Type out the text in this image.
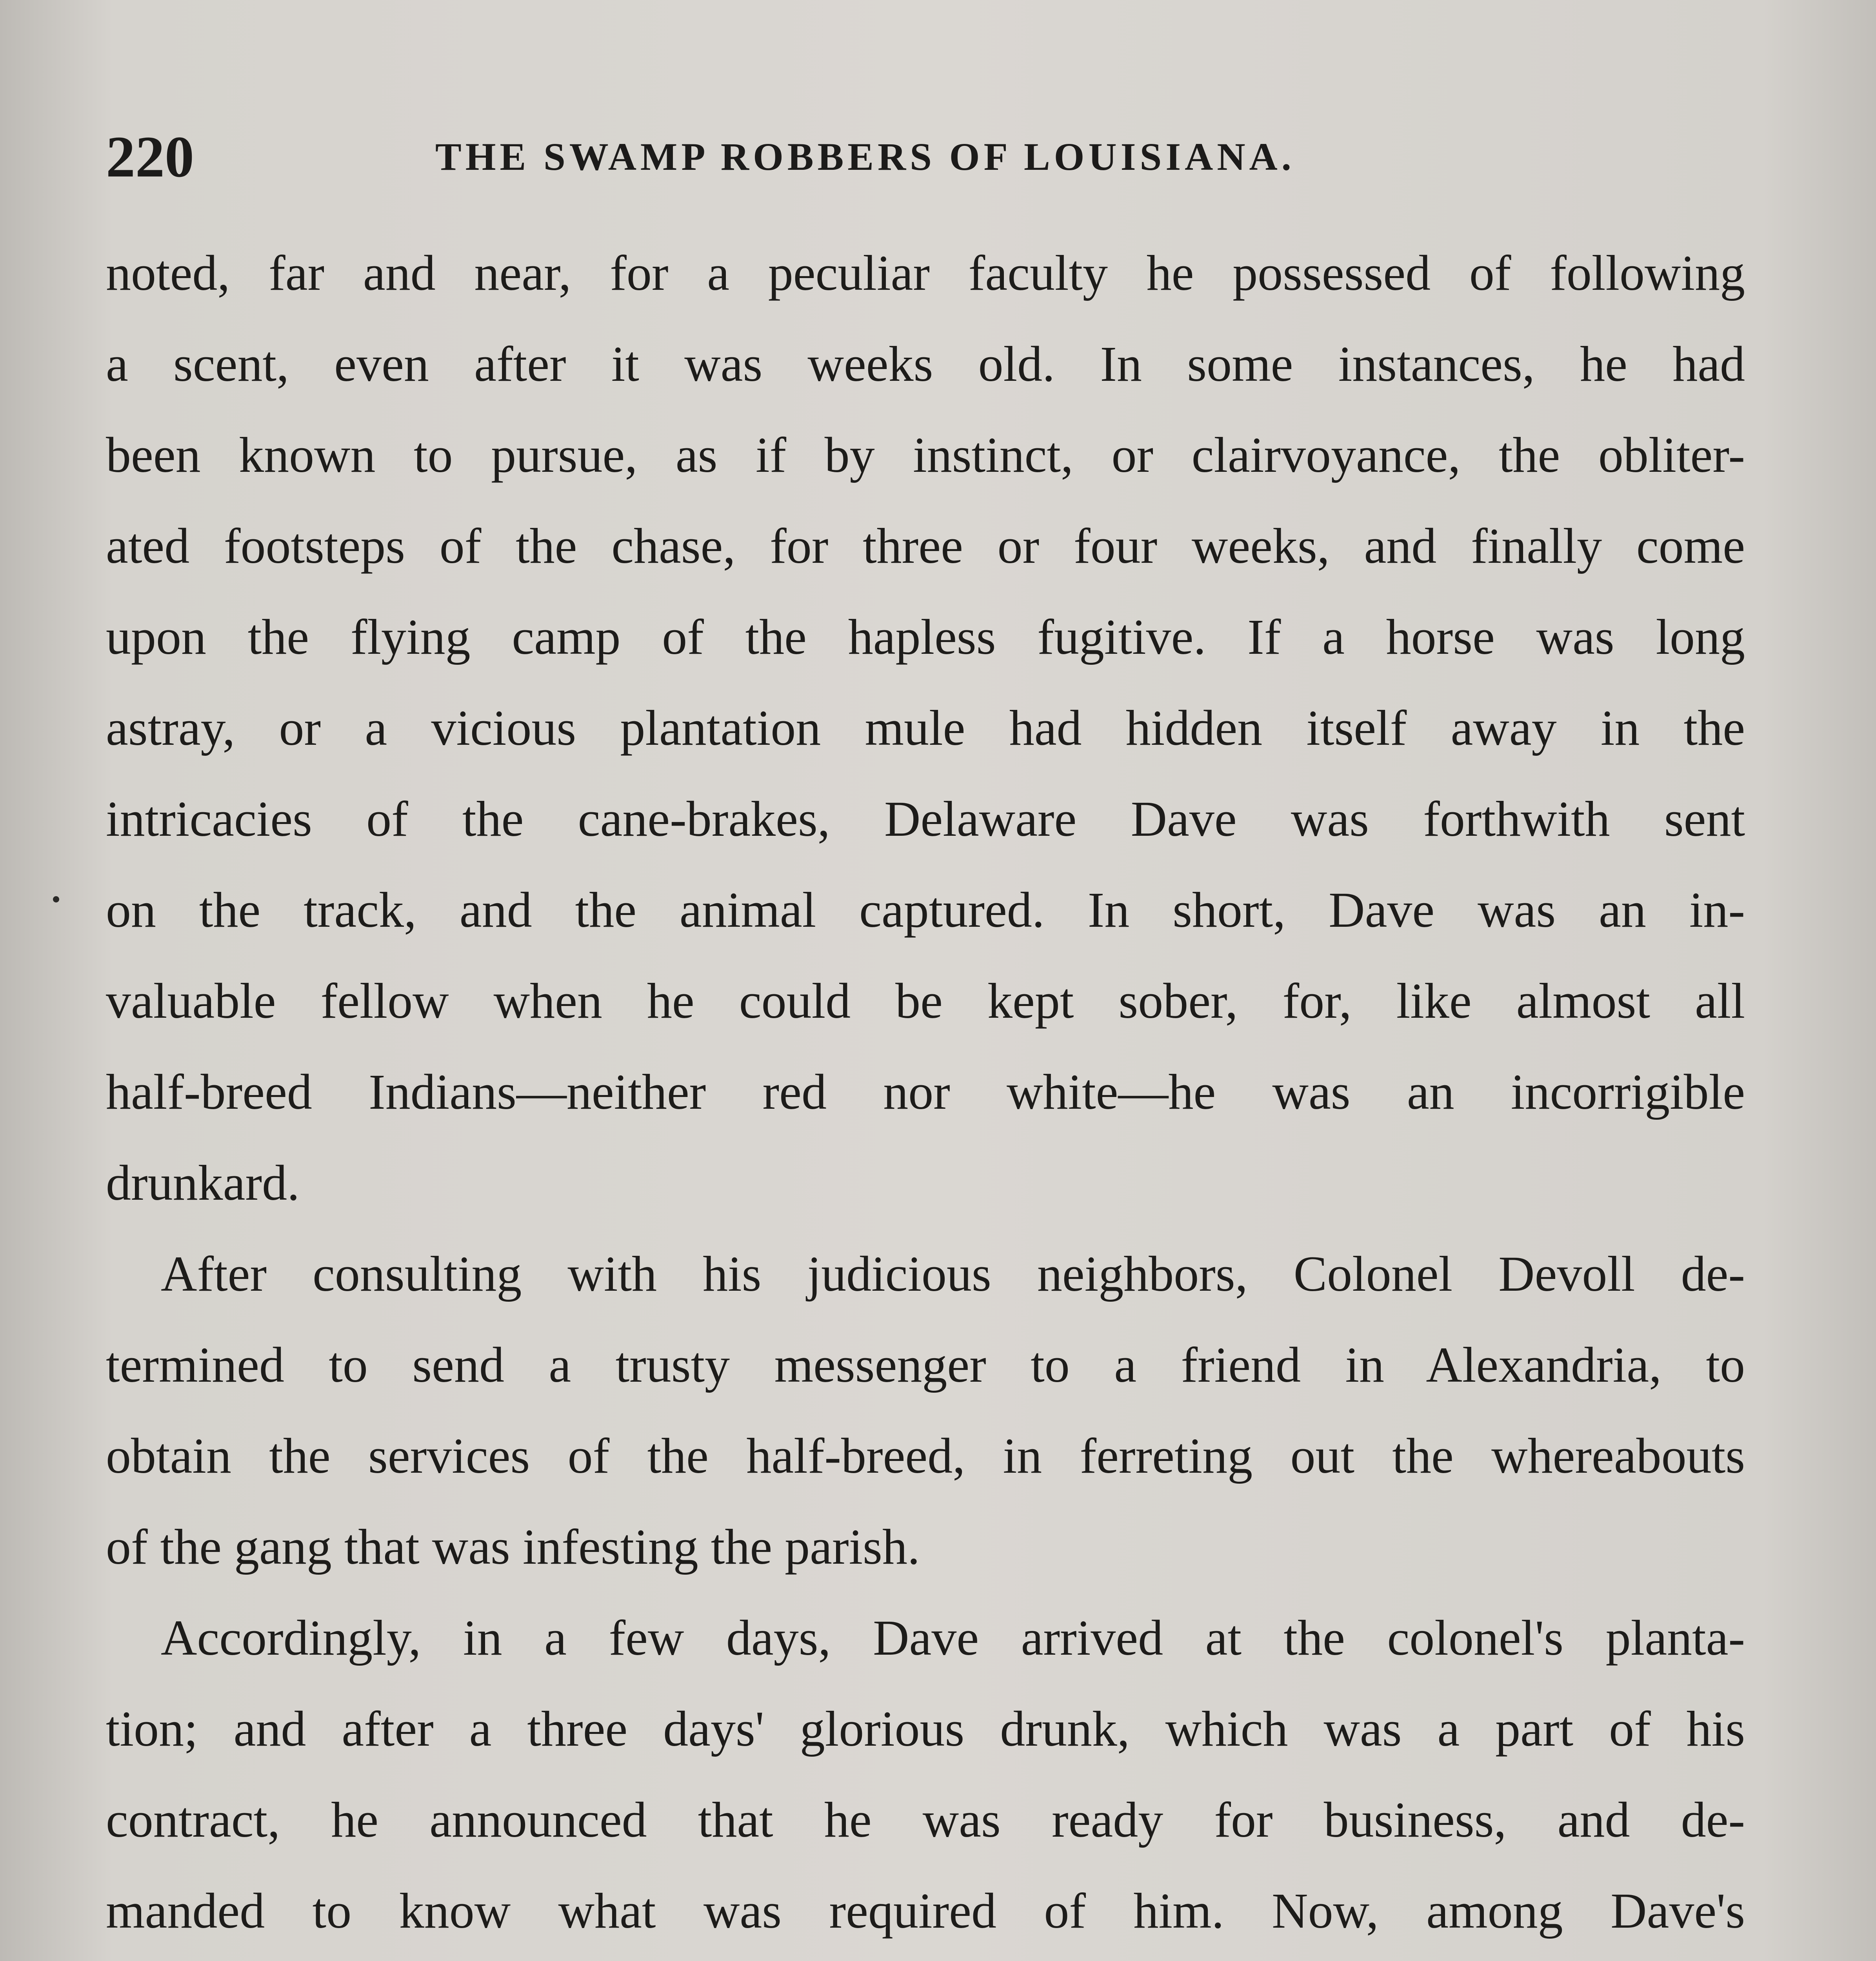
220	THE SWAMP ROBBERS OF LOUISIANA.
noted, far and near, for a peculiar faculty he possessed of following
a scent, even after it was weeks old. In some instances, he had
been known to pursue, as if by instinct, or clairvoyance, the obliter-
ated footsteps of the chase, for three or four weeks, and finally come
upon the flying camp of the hapless fugitive. If a horse was long
astray, or a vicious plantation mule had hidden itself away in the
intricacies of the cane-brakes, Delaware Dave was forthwith sent
on the track, and the animal captured. In short, Dave was an in-
valuable fellow when he could be kept sober, for, like almost all
half-breed Indians—neither red nor white—he was an incorrigible
drunkard.
After consulting with his judicious neighbors, Colonel Devoll de-
termined to send a trusty messenger to a friend in Alexandria, to
obtain the services of the half-breed, in ferreting out the whereabouts
of the gang that was infesting the parish.
Accordingly, in a few days, Dave arrived at the colonel's planta-
tion; and after a three days' glorious drunk, which was a part of his
contract, he announced that he was ready for business, and de-
manded to know what was required of him. Now, among Dave's
